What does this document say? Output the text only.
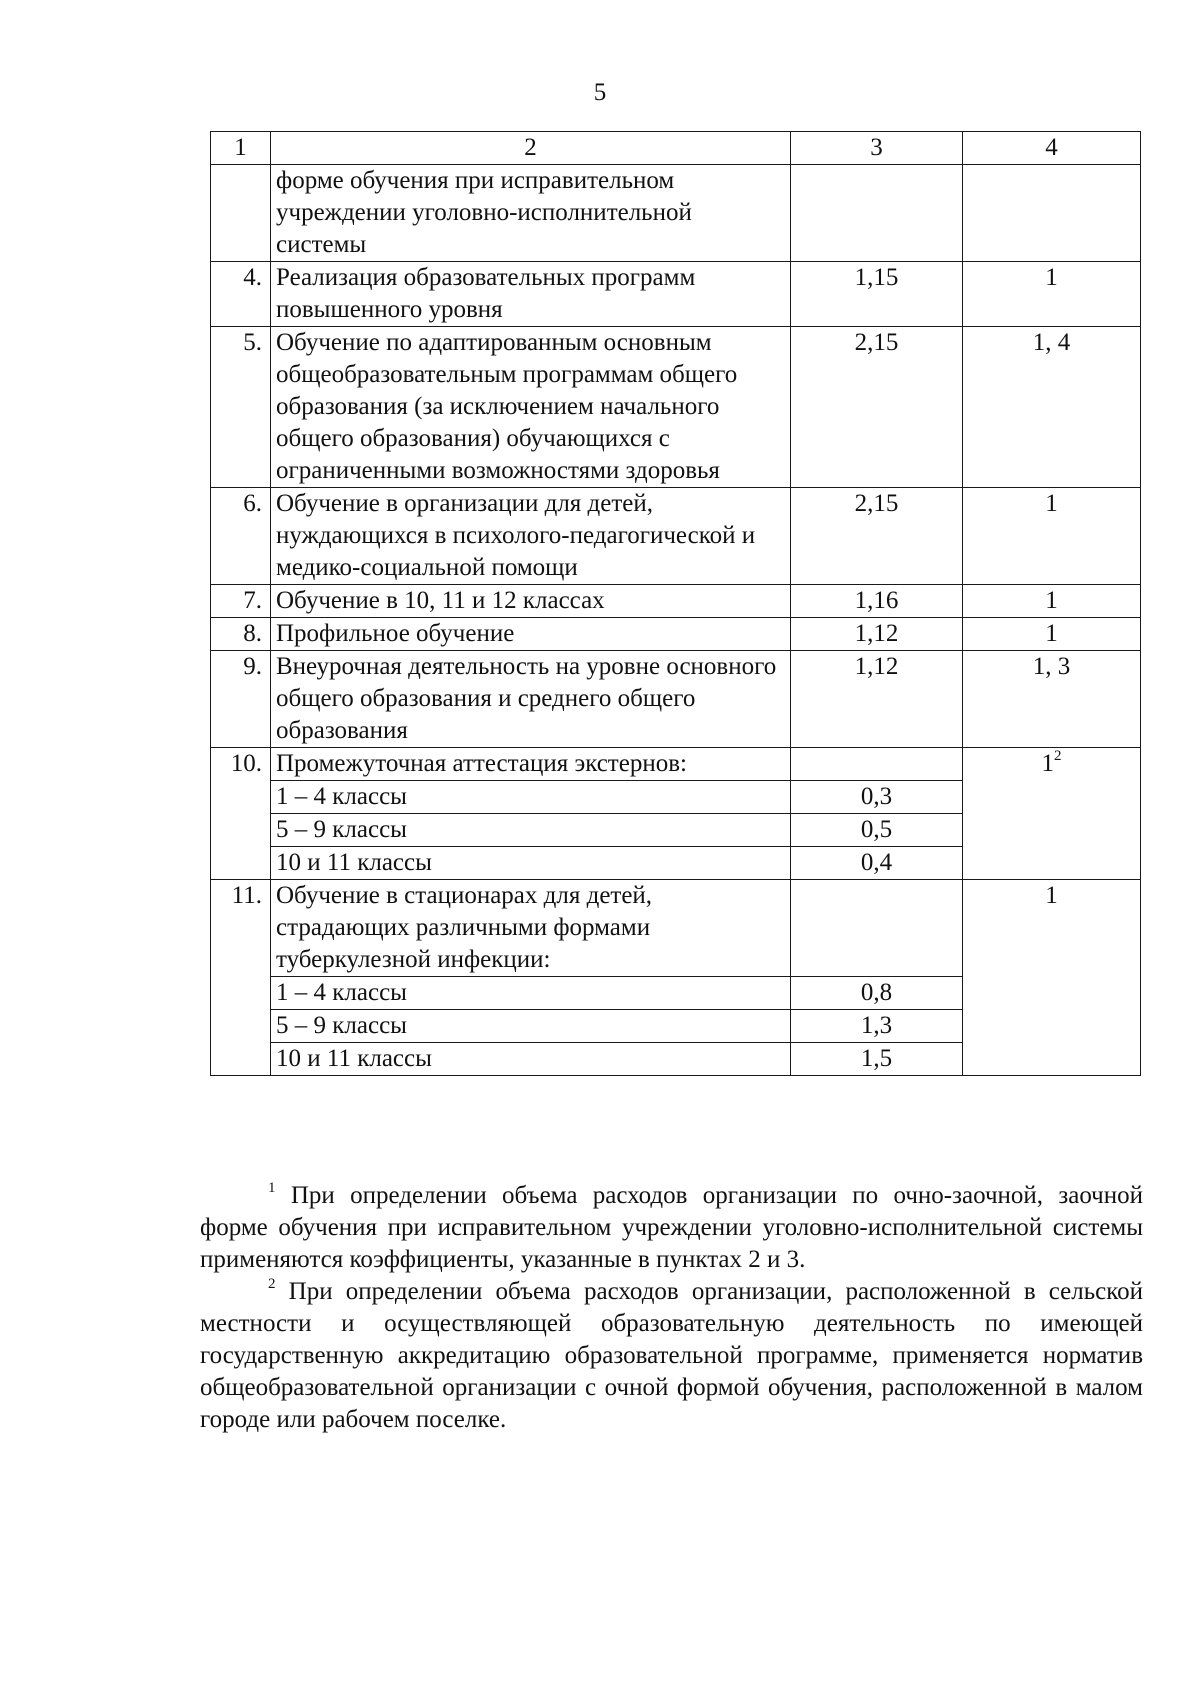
5
1	2	3	4
	форме обучения при исправительном учреждении уголовно-исполнительной системы		
4.	Реализация образовательных программ повышенного уровня	1,15	1
5.	Обучение по адаптированным основным общеобразовательным программам общего образования (за исключением начального общего образования) обучающихся с ограниченными возможностями здоровья	2,15	1, 4
6.	Обучение в организации для детей, нуждающихся в психолого-педагогической и медико-социальной помощи	2,15	1
7.	Обучение в 10, 11 и 12 классах	1,16	1
8.	Профильное обучение	1,12	1
9.	Внеурочная деятельность на уровне основного общего образования и среднего общего образования	1,12	1, 3
10.	Промежуточная аттестация экстернов:		$1^2$
	1 – 4 классы	0,3	
	5 – 9 классы	0,5	
	10 и 11 классы	0,4	
11.	Обучение в стационарах для детей, страдающих различными формами туберкулезной инфекции:		1
	1 – 4 классы	0,8	
	5 – 9 классы	1,3	
	10 и 11 классы	1,5	

$^1$ При определении объема расходов организации по очно-заочной, заочной форме обучения при исправительном учреждении уголовно-исполнительной системы применяются коэффициенты, указанные в пунктах 2 и 3.

$^2$ При определении объема расходов организации, расположенной в сельской местности и осуществляющей образовательную деятельность по имеющей государственную аккредитацию образовательной программе, применяется норматив общеобразовательной организации с очной формой обучения, расположенной в малом городе или рабочем поселке.
